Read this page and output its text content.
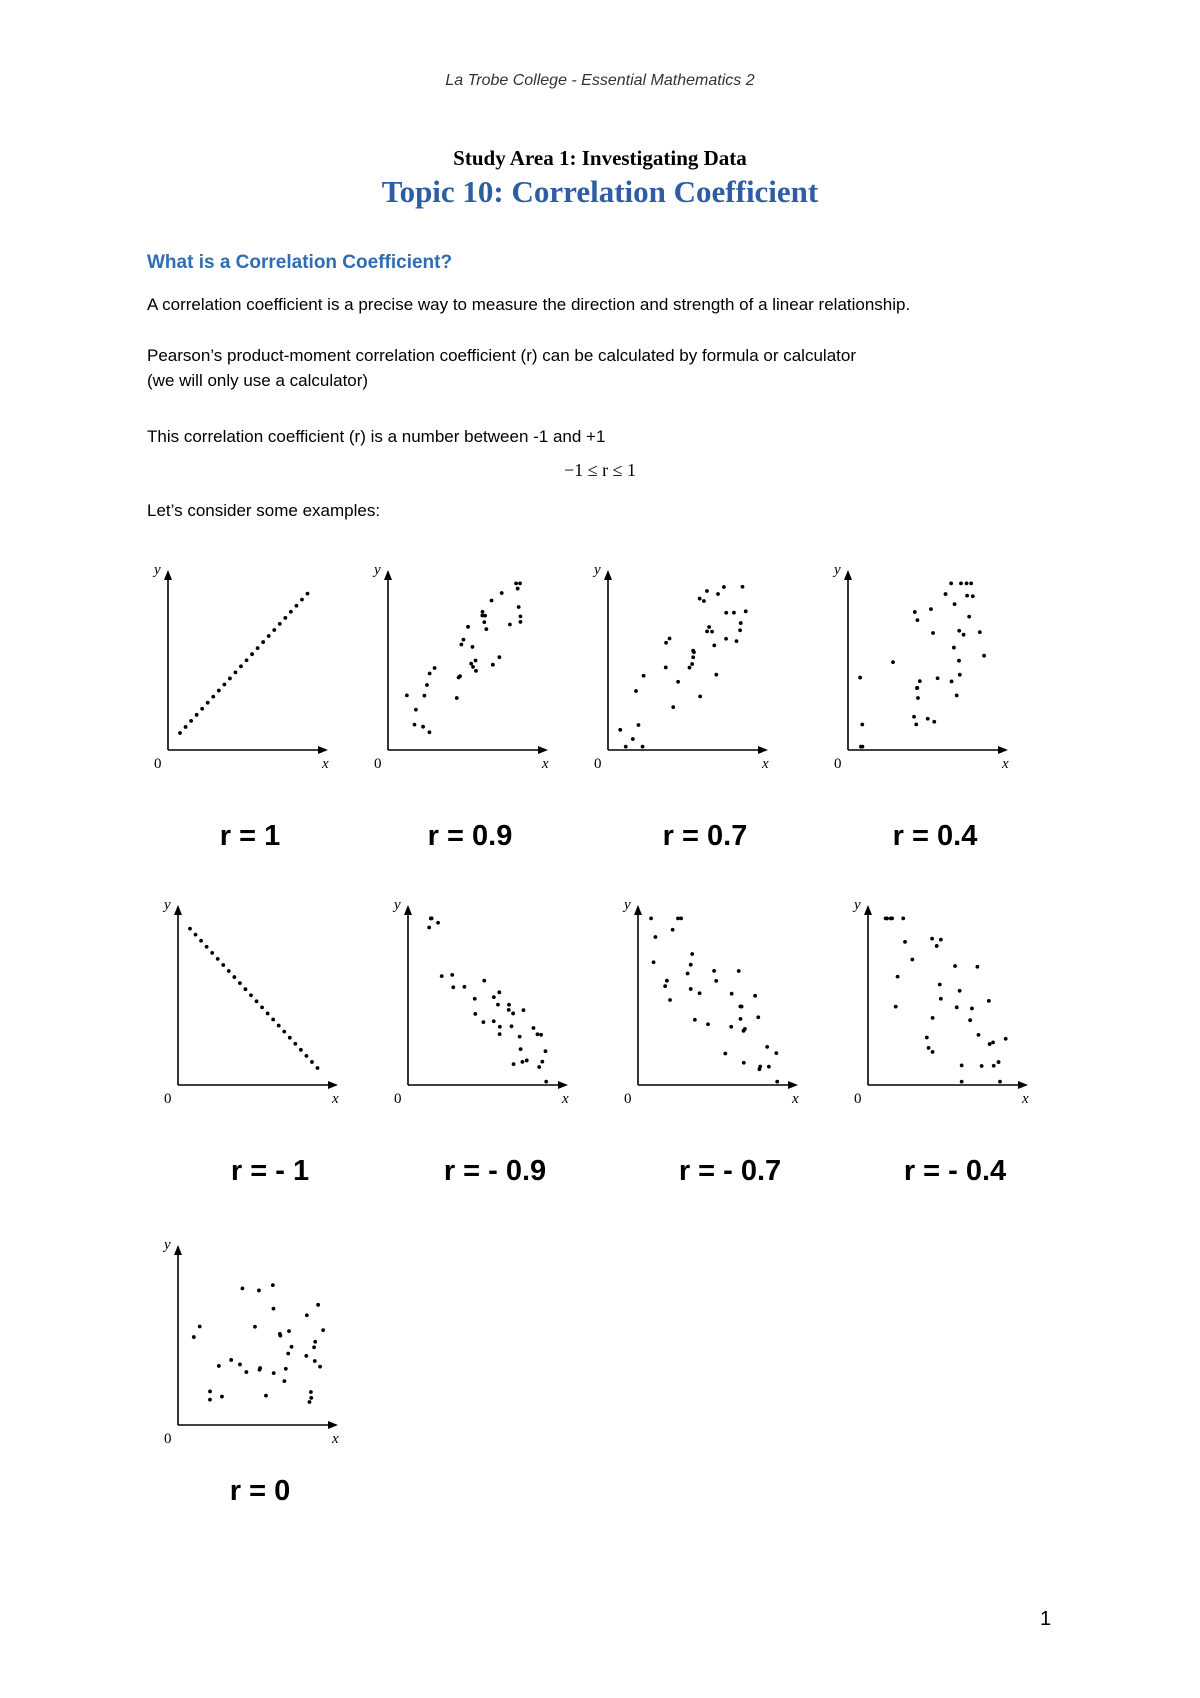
La Trobe College - Essential Mathematics 2
Study Area 1: Investigating Data
Topic 10: Correlation Coefficient
What is a Correlation Coefficient?
A correlation coefficient is a precise way to measure the direction and strength of a linear relationship.
Pearson’s product-moment correlation coefficient (r) can be calculated by formula or calculator
(we will only use a calculator)
This correlation coefficient (r) is a number between -1 and +1
−1 ≤ r ≤ 1
Let’s consider some examples:
y
x
0
y
x
0
y
x
0
y
x
0
y
x
0
y
x
0
y
x
0
y
x
0
y
x
0
r = 1	r = 0.9	r = 0.7	r = 0.4
r = - 1	r = - 0.9	r = - 0.7	r = - 0.4
r = 0
1
